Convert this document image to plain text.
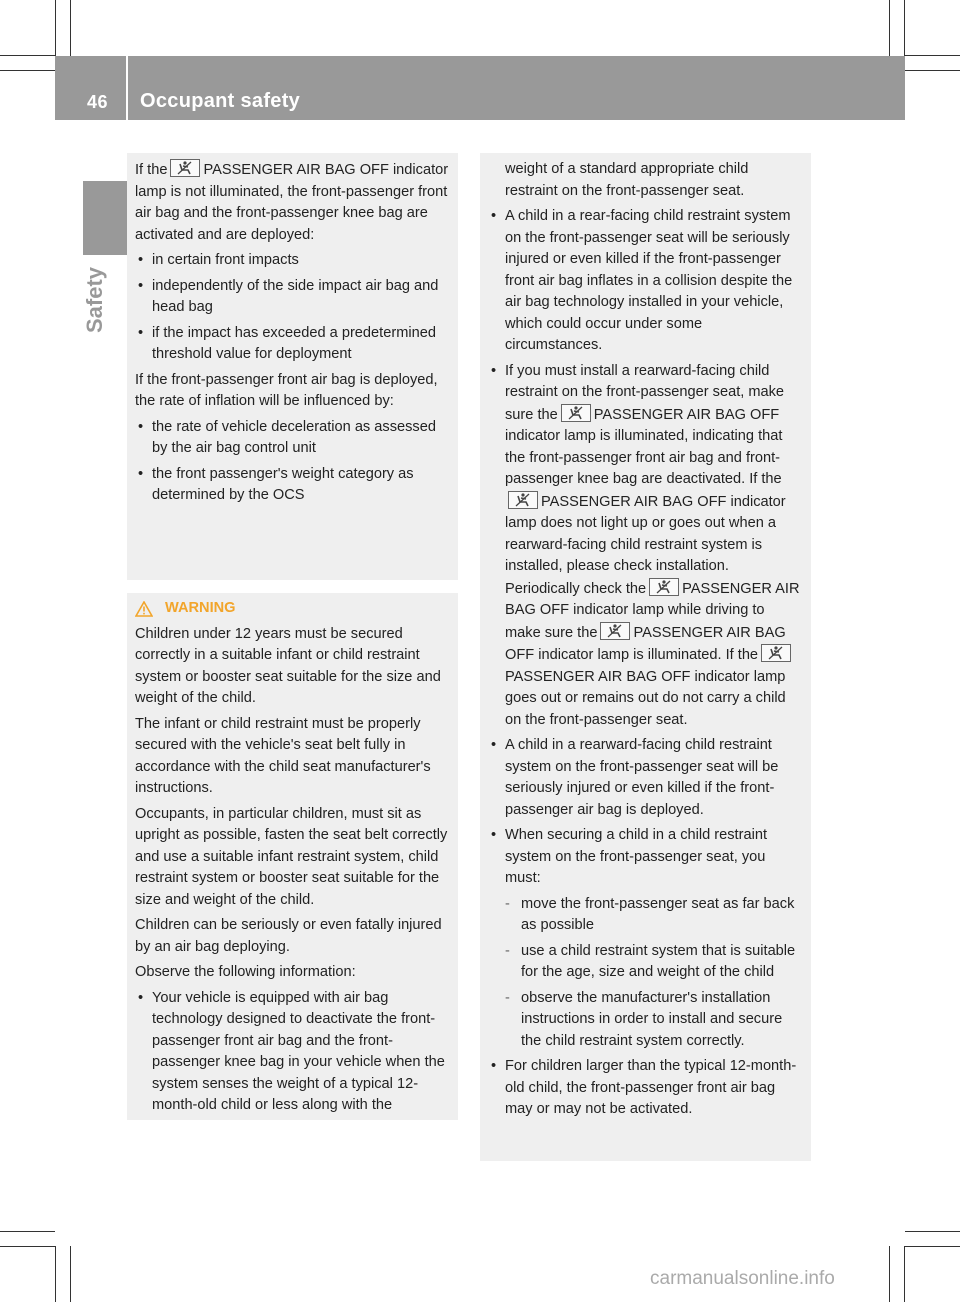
46 Occupant safety
Safety

If the PASSENGER AIR BAG OFF indicator lamp is not illuminated, the front-passenger front air bag and the front-passenger knee bag are activated and are deployed:

• in certain front impacts
• independently of the side impact air bag and head bag
• if the impact has exceeded a predetermined threshold value for deployment

If the front-passenger front air bag is deployed, the rate of inflation will be influenced by:

• the rate of vehicle deceleration as assessed by the air bag control unit
• the front passenger's weight category as determined by the OCS
WARNING

Children under 12 years must be secured correctly in a suitable infant or child restraint system or booster seat suitable for the size and weight of the child.

The infant or child restraint must be properly secured with the vehicle's seat belt fully in accordance with the child seat manufacturer's instructions.

Occupants, in particular children, must sit as upright as possible, fasten the seat belt correctly and use a suitable infant restraint system, child restraint system or booster seat suitable for the size and weight of the child.

Children can be seriously or even fatally injured by an air bag deploying.

Observe the following information:

• Your vehicle is equipped with air bag technology designed to deactivate the front-passenger front air bag and the front-passenger knee bag in your vehicle when the system senses the weight of a typical 12-month-old child or less along with the
weight of a standard appropriate child restraint on the front-passenger seat.
• A child in a rear-facing child restraint system on the front-passenger seat will be seriously injured or even killed if the front-passenger front air bag inflates in a collision despite the air bag technology installed in your vehicle, which could occur under some circumstances.
• If you must install a rearward-facing child restraint on the front-passenger seat, make sure the PASSENGER AIR BAG OFF indicator lamp is illuminated, indicating that the front-passenger front air bag and front-passenger knee bag are deactivated. If the
PASSENGER AIR BAG OFF indicator lamp does not light up or goes out when a rearward-facing child restraint system is installed, please check installation. Periodically check the PASSENGER AIR BAG OFF indicator lamp while driving to make sure the PASSENGER AIR BAG OFF indicator lamp is illuminated. If the
PASSENGER AIR BAG OFF indicator lamp goes out or remains out do not carry a child on the front-passenger seat.
• A child in a rearward-facing child restraint system on the front-passenger seat will be seriously injured or even killed if the front-passenger air bag is deployed.
• When securing a child in a child restraint system on the front-passenger seat, you must:
- move the front-passenger seat as far back as possible
- use a child restraint system that is suitable for the age, size and weight of the child
- observe the manufacturer's installation instructions in order to install and secure the child restraint system correctly.
• For children larger than the typical 12-month-old child, the front-passenger front air bag may or may not be activated.
carmanualsonline.info
